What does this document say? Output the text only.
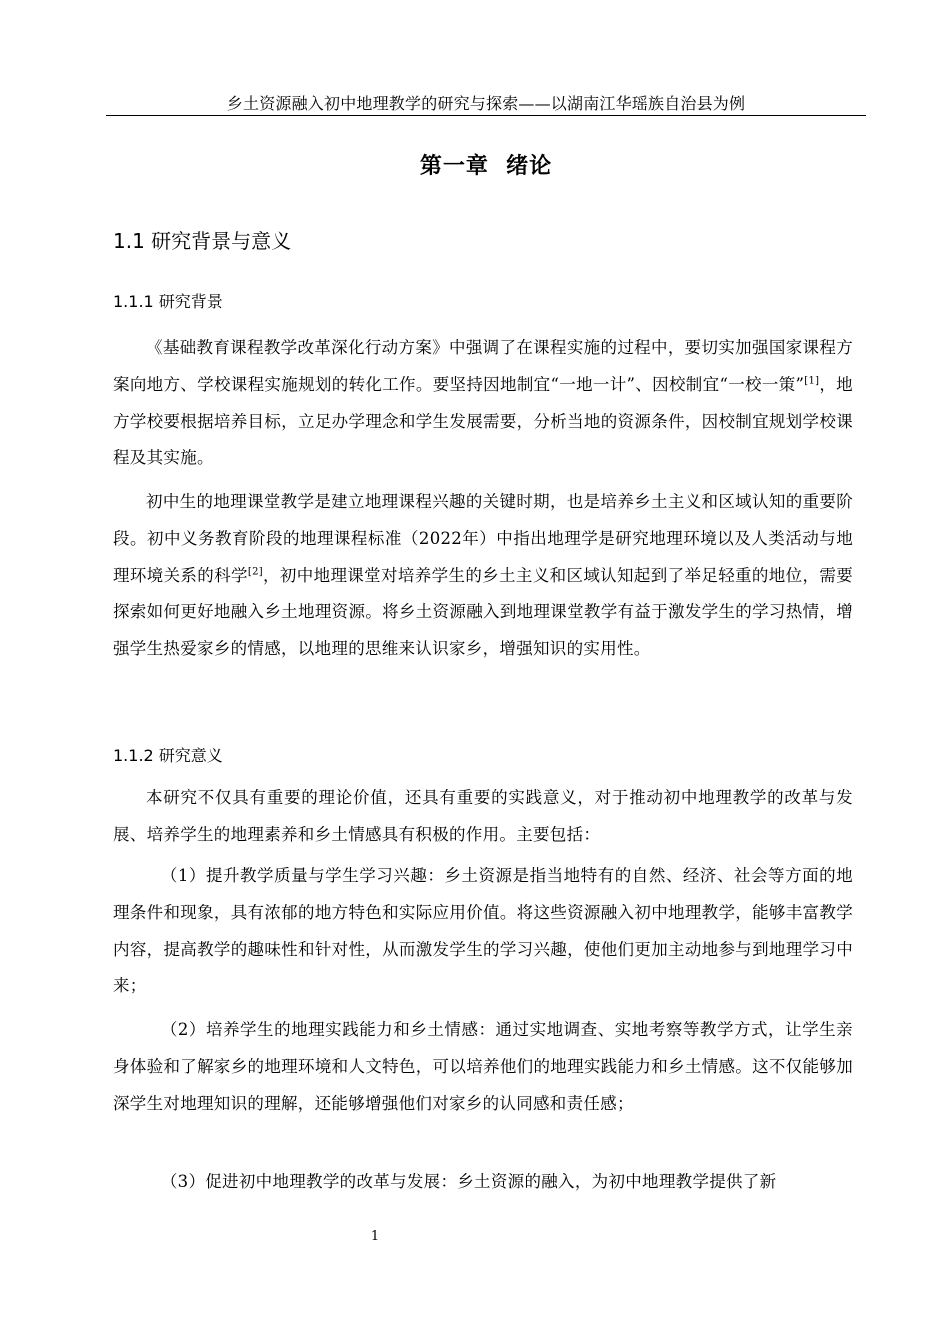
乡土资源融入初中地理教学的研究与探索——以湖南江华瑶族自治县为例
第一章  绪论
1.1 研究背景与意义
1.1.1 研究背景

《基础教育课程教学改革深化行动方案》中强调了在课程实施的过程中，要切实加强国家课程方案向地方、学校课程实施规划的转化工作。要坚持因地制宜“一地一计”、因校制宜“一校一策”[1]，地方学校要根据培养目标，立足办学理念和学生发展需要，分析当地的资源条件，因校制宜规划学校课程及其实施。

初中生的地理课堂教学是建立地理课程兴趣的关键时期，也是培养乡土主义和区域认知的重要阶段。初中义务教育阶段的地理课程标准（2022年）中指出地理学是研究地理环境以及人类活动与地理环境关系的科学[2]，初中地理课堂对培养学生的乡土主义和区域认知起到了举足轻重的地位，需要探索如何更好地融入乡土地理资源。将乡土资源融入到地理课堂教学有益于激发学生的学习热情，增强学生热爱家乡的情感，以地理的思维来认识家乡，增强知识的实用性。

1.1.2 研究意义

本研究不仅具有重要的理论价值，还具有重要的实践意义，对于推动初中地理教学的改革与发展、培养学生的地理素养和乡土情感具有积极的作用。主要包括：

（1）提升教学质量与学生学习兴趣：乡土资源是指当地特有的自然、经济、社会等方面的地理条件和现象，具有浓郁的地方特色和实际应用价值。将这些资源融入初中地理教学，能够丰富教学内容，提高教学的趣味性和针对性，从而激发学生的学习兴趣，使他们更加主动地参与到地理学习中来；

（2）培养学生的地理实践能力和乡土情感：通过实地调查、实地考察等教学方式，让学生亲身体验和了解家乡的地理环境和人文特色，可以培养他们的地理实践能力和乡土情感。这不仅能够加深学生对地理知识的理解，还能够增强他们对家乡的认同感和责任感；

（3）促进初中地理教学的改革与发展：乡土资源的融入，为初中地理教学提供了新

1
